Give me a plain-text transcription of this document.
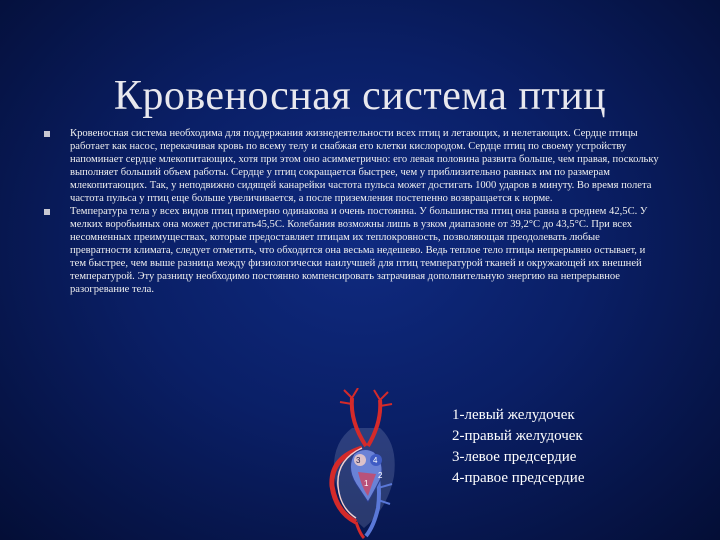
Кровеносная система птиц
Кровеносная система необходима для поддержания жизнедеятельности всех птиц и летающих, и нелетающих. Сердце птицы работает как насос, перекачивая кровь по всему телу и снабжая его клетки кислородом. Сердце птиц по своему устройству напоминает сердце млекопитающих, хотя при этом оно асимметрично: его левая половина развита больше, чем правая, поскольку выполняет больший объем работы. Сердце у птиц сокращается быстрее, чем у приблизительно равных им по размерам млекопитающих. Так, у неподвижно сидящей канарейки частота пульса может достигать 1000 ударов в минуту. Во время полета частота пульса у птиц еще больше увеличивается, а после приземления постепенно возвращается к норме.
Температура тела у всех видов птиц примерно одинакова и очень постоянна. У большинства птиц она равна в среднем 42,5С. У мелких воробьиных она может достигать45,5С. Колебания возможны лишь в узком диапазоне от 39,2°С до 43,5°С. При всех несомненных преимуществах, которые предоставляет птицам их теплокровность, позволяющая преодолевать любые превратности климата, следует отметить, что обходится она весьма недешево. Ведь теплое тело птицы непрерывно остывает, и тем быстрее, чем выше разница между физиологически наилучшей для птиц температурой тканей и окружающей их внешней температурой. Эту разницу необходимо постоянно компенсировать затрачивая дополнительную энергию на непрерывное разогревание тела.
3 4
2
1
1-левый желудочек
2-правый желудочек
3-левое предсердие
4-правое предсердие
